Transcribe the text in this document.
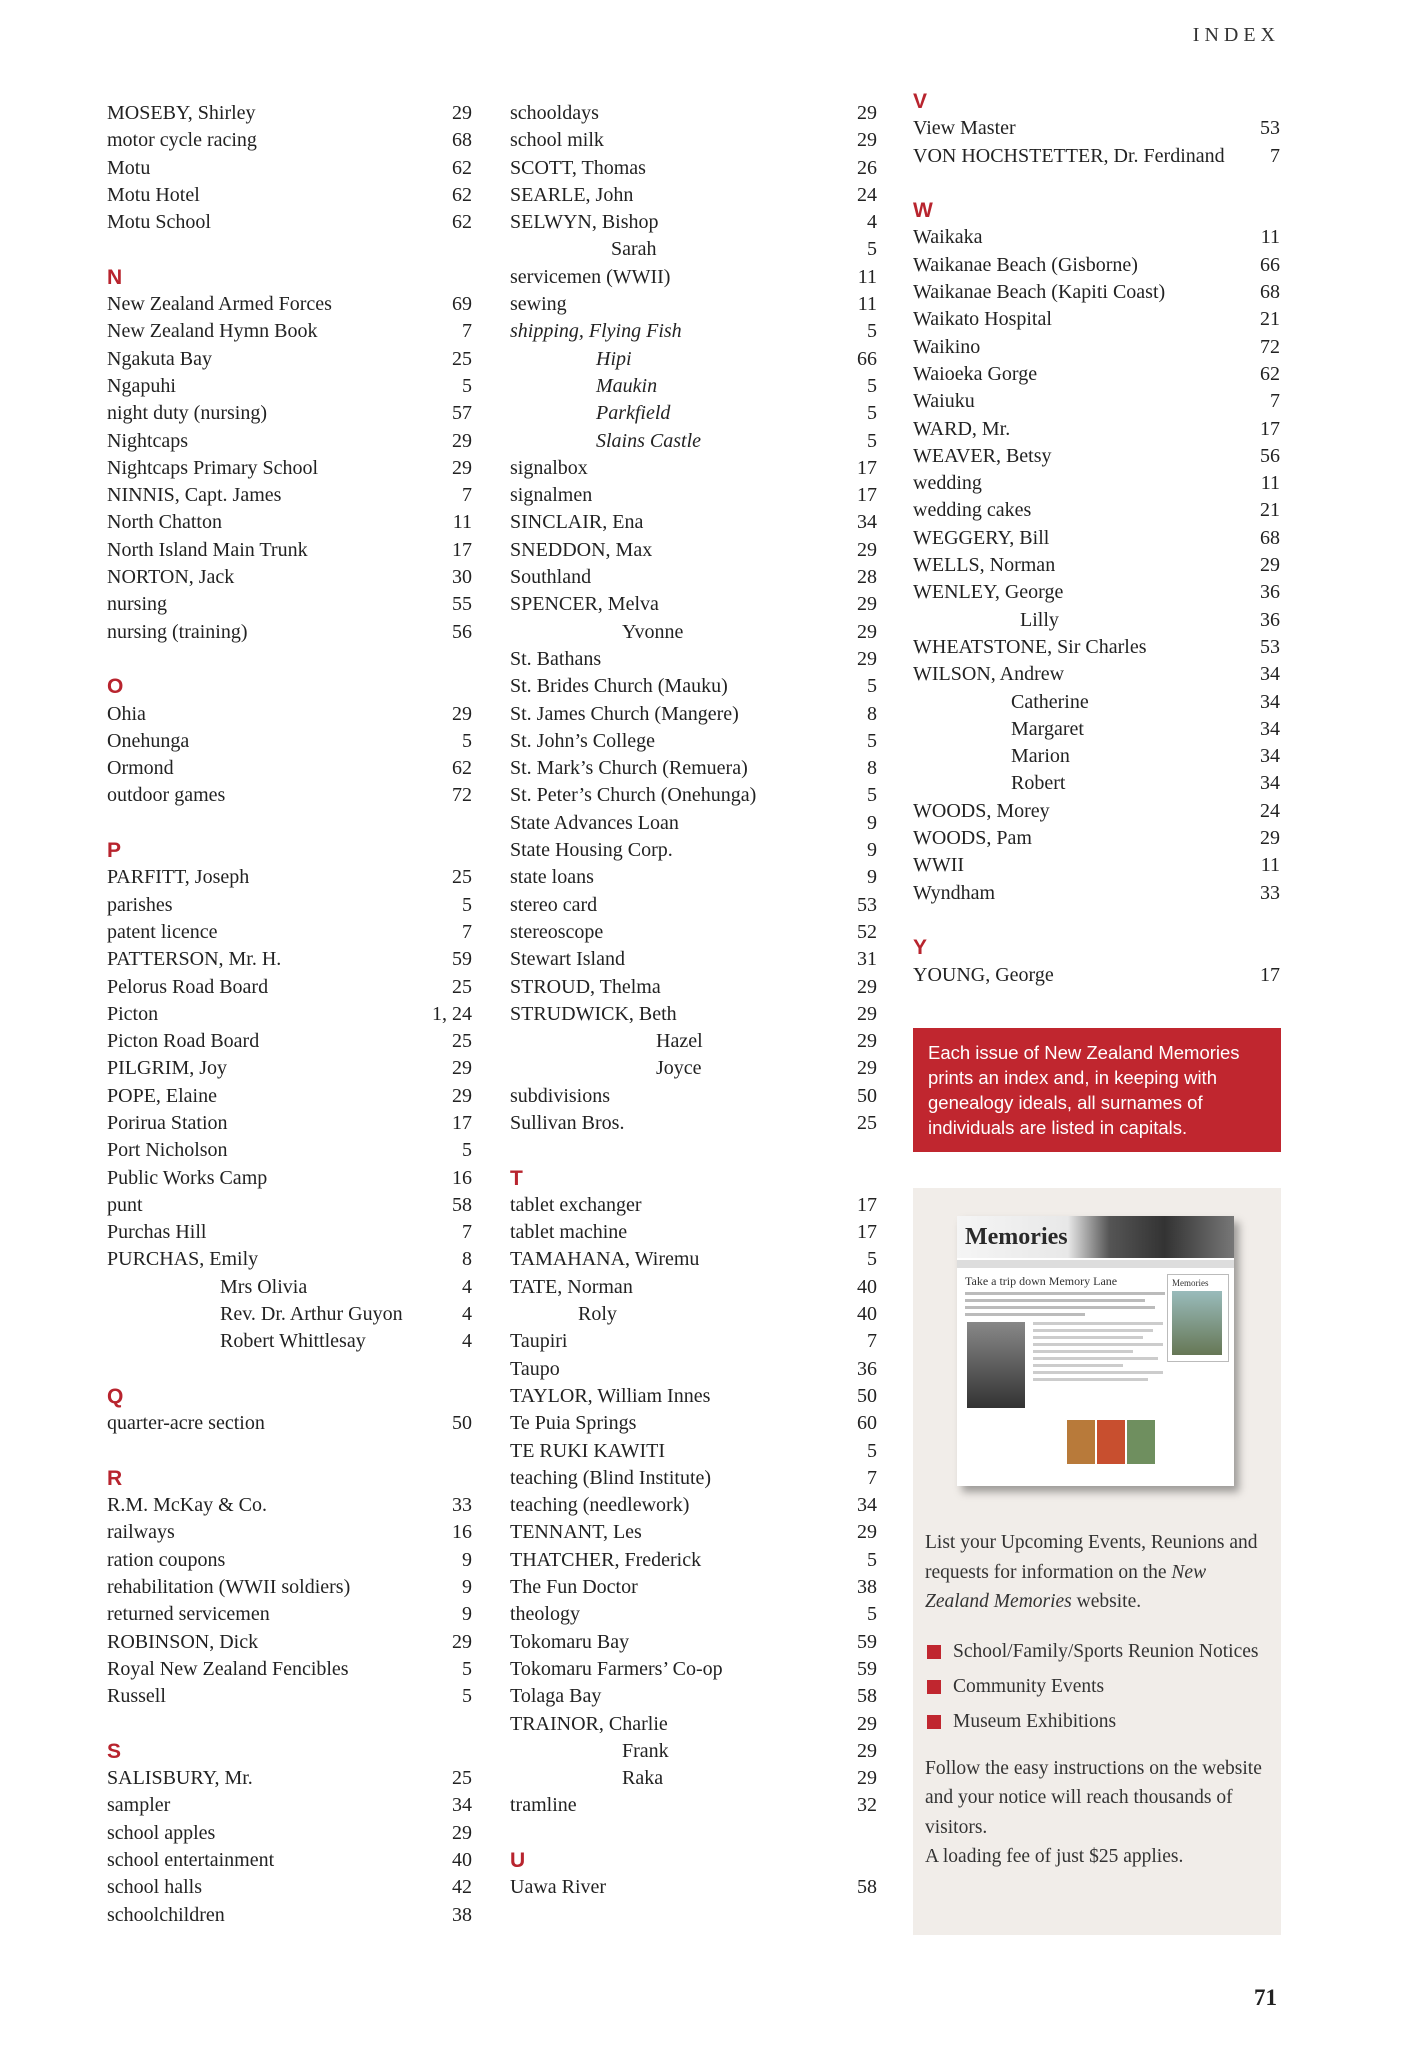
INDEX
MOSEBY, Shirley	29
motor cycle racing	68
Motu	62
Motu Hotel	62
Motu School	62
N
New Zealand Armed Forces	69
New Zealand Hymn Book	7
Ngakuta Bay	25
Ngapuhi	5
night duty (nursing)	57
Nightcaps	29
Nightcaps Primary School	29
NINNIS, Capt. James	7
North Chatton	11
North Island Main Trunk	17
NORTON, Jack	30
nursing	55
nursing (training)	56
O
Ohia	29
Onehunga	5
Ormond	62
outdoor games	72
P
PARFITT, Joseph	25
parishes	5
patent licence	7
PATTERSON, Mr. H.	59
Pelorus Road Board	25
Picton	1, 24
Picton Road Board	25
PILGRIM, Joy	29
POPE, Elaine	29
Porirua Station	17
Port Nicholson	5
Public Works Camp	16
punt	58
Purchas Hill	7
PURCHAS, Emily	8
Mrs Olivia	4
Rev. Dr. Arthur Guyon	4
Robert Whittlesay	4
Q
quarter-acre section	50
R
R.M. McKay & Co.	33
railways	16
ration coupons	9
rehabilitation (WWII soldiers)	9
returned servicemen	9
ROBINSON, Dick	29
Royal New Zealand Fencibles	5
Russell	5
S
SALISBURY, Mr.	25
sampler	34
school apples	29
school entertainment	40
school halls	42
schoolchildren	38
schooldays	29
school milk	29
SCOTT, Thomas	26
SEARLE, John	24
SELWYN, Bishop	4
Sarah	5
servicemen (WWII)	11
sewing	11
shipping, Flying Fish	5
Hipi	66
Maukin	5
Parkfield	5
Slains Castle	5
signalbox	17
signalmen	17
SINCLAIR, Ena	34
SNEDDON, Max	29
Southland	28
SPENCER, Melva	29
Yvonne	29
St. Bathans	29
St. Brides Church (Mauku)	5
St. James Church (Mangere)	8
St. John’s College	5
St. Mark’s Church (Remuera)	8
St. Peter’s Church (Onehunga)	5
State Advances Loan	9
State Housing Corp.	9
state loans	9
stereo card	53
stereoscope	52
Stewart Island	31
STROUD, Thelma	29
STRUDWICK, Beth	29
Hazel	29
Joyce	29
subdivisions	50
Sullivan Bros.	25
T
tablet exchanger	17
tablet machine	17
TAMAHANA, Wiremu	5
TATE, Norman	40
Roly	40
Taupiri	7
Taupo	36
TAYLOR, William Innes	50
Te Puia Springs	60
TE RUKI KAWITI	5
teaching (Blind Institute)	7
teaching (needlework)	34
TENNANT, Les	29
THATCHER, Frederick	5
The Fun Doctor	38
theology	5
Tokomaru Bay	59
Tokomaru Farmers’ Co-op	59
Tolaga Bay	58
TRAINOR, Charlie	29
Frank	29
Raka	29
tramline	32
U
Uawa River	58
V
View Master	53
VON HOCHSTETTER, Dr. Ferdinand	7
W
Waikaka	11
Waikanae Beach (Gisborne)	66
Waikanae Beach (Kapiti Coast)	68
Waikato Hospital	21
Waikino	72
Waioeka Gorge	62
Waiuku	7
WARD, Mr.	17
WEAVER, Betsy	56
wedding	11
wedding cakes	21
WEGGERY, Bill	68
WELLS, Norman	29
WENLEY, George	36
Lilly	36
WHEATSTONE, Sir Charles	53
WILSON, Andrew	34
Catherine	34
Margaret	34
Marion	34
Robert	34
WOODS, Morey	24
WOODS, Pam	29
WWII	11
Wyndham	33
Y
YOUNG, George	17
Each issue of New Zealand Memories prints an index and, in keeping with genealogy ideals, all surnames of individuals are listed in capitals.
Memories
Take a trip down Memory Lane	Memories

List your Upcoming Events, Reunions and requests for information on the New Zealand Memories website.

School/Family/Sports Reunion Notices
Community Events
Museum Exhibitions

Follow the easy instructions on the website and your notice will reach thousands of visitors.

A loading fee of just $25 applies.

71
